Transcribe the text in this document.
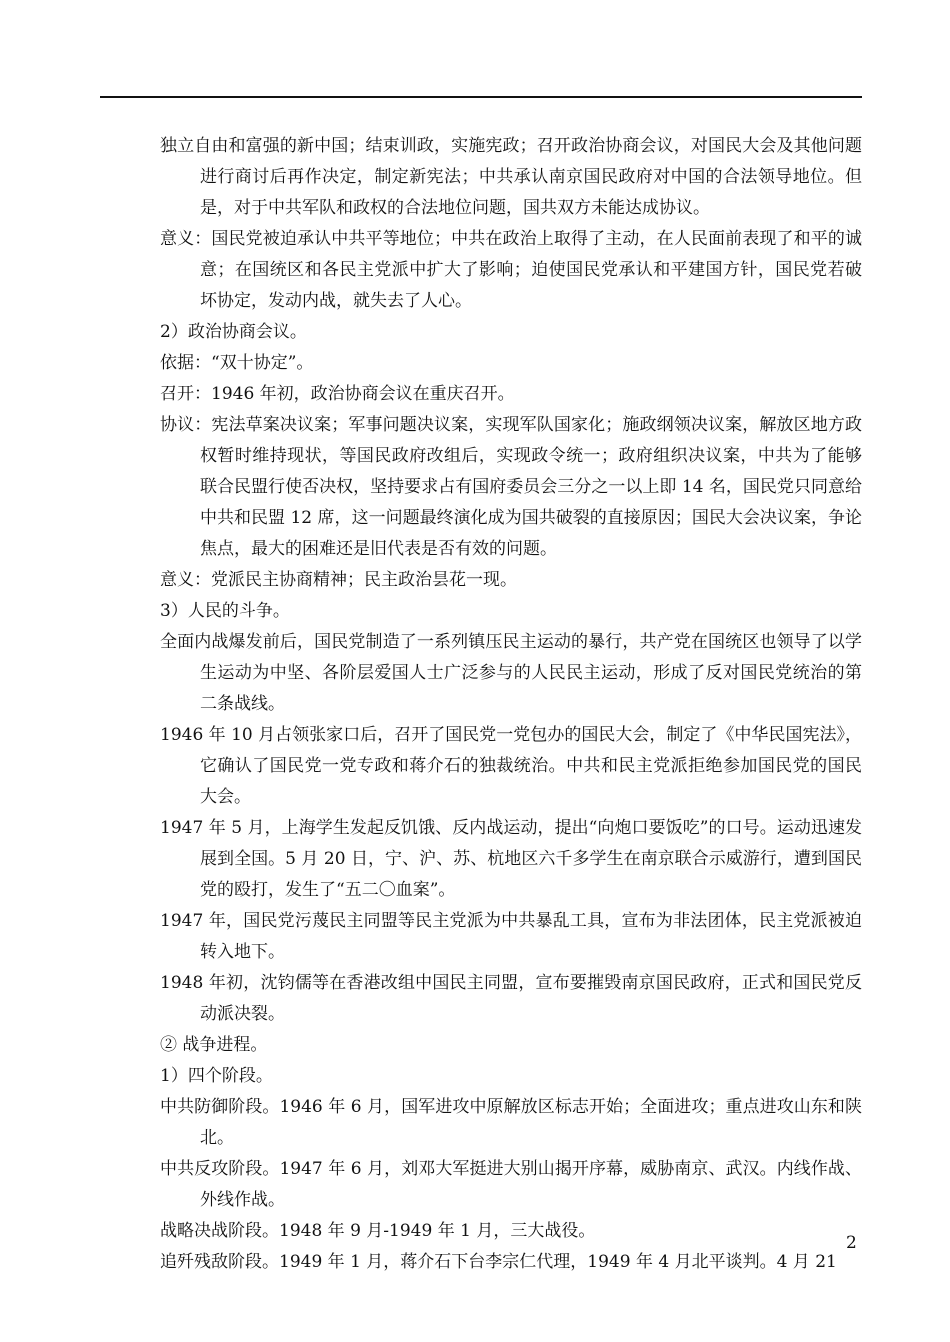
独立自由和富强的新中国；结束训政，实施宪政；召开政治协商会议，对国民大会及其他问题进行商讨后再作决定，制定新宪法；中共承认南京国民政府对中国的合法领导地位。但是，对于中共军队和政权的合法地位问题，国共双方未能达成协议。

意义：国民党被迫承认中共平等地位；中共在政治上取得了主动，在人民面前表现了和平的诚意；在国统区和各民主党派中扩大了影响；迫使国民党承认和平建国方针，国民党若破坏协定，发动内战，就失去了人心。

2）政治协商会议。

依据：“双十协定”。

召开：1946 年初，政治协商会议在重庆召开。

协议：宪法草案决议案；军事问题决议案，实现军队国家化；施政纲领决议案，解放区地方政权暂时维持现状，等国民政府改组后，实现政令统一；政府组织决议案，中共为了能够联合民盟行使否决权，坚持要求占有国府委员会三分之一以上即 14 名，国民党只同意给中共和民盟 12 席，这一问题最终演化成为国共破裂的直接原因；国民大会决议案，争论焦点，最大的困难还是旧代表是否有效的问题。

意义：党派民主协商精神；民主政治昙花一现。

3）人民的斗争。

全面内战爆发前后，国民党制造了一系列镇压民主运动的暴行，共产党在国统区也领导了以学生运动为中坚、各阶层爱国人士广泛参与的人民民主运动，形成了反对国民党统治的第二条战线。

1946 年 10 月占领张家口后，召开了国民党一党包办的国民大会，制定了《中华民国宪法》，它确认了国民党一党专政和蒋介石的独裁统治。中共和民主党派拒绝参加国民党的国民大会。

1947 年 5 月，上海学生发起反饥饿、反内战运动，提出“向炮口要饭吃”的口号。运动迅速发展到全国。5 月 20 日，宁、沪、苏、杭地区六千多学生在南京联合示威游行，遭到国民党的殴打，发生了“五二〇血案”。

1947 年，国民党污蔑民主同盟等民主党派为中共暴乱工具，宣布为非法团体，民主党派被迫转入地下。

1948 年初，沈钧儒等在香港改组中国民主同盟，宣布要摧毁南京国民政府，正式和国民党反动派决裂。

② 战争进程。

1）四个阶段。

中共防御阶段。1946 年 6 月，国军进攻中原解放区标志开始；全面进攻；重点进攻山东和陕北。

中共反攻阶段。1947 年 6 月，刘邓大军挺进大别山揭开序幕，威胁南京、武汉。内线作战、外线作战。

战略决战阶段。1948 年 9 月-1949 年 1 月，三大战役。

追歼残敌阶段。1949 年 1 月，蒋介石下台李宗仁代理，1949 年 4 月北平谈判。4 月 21

2
